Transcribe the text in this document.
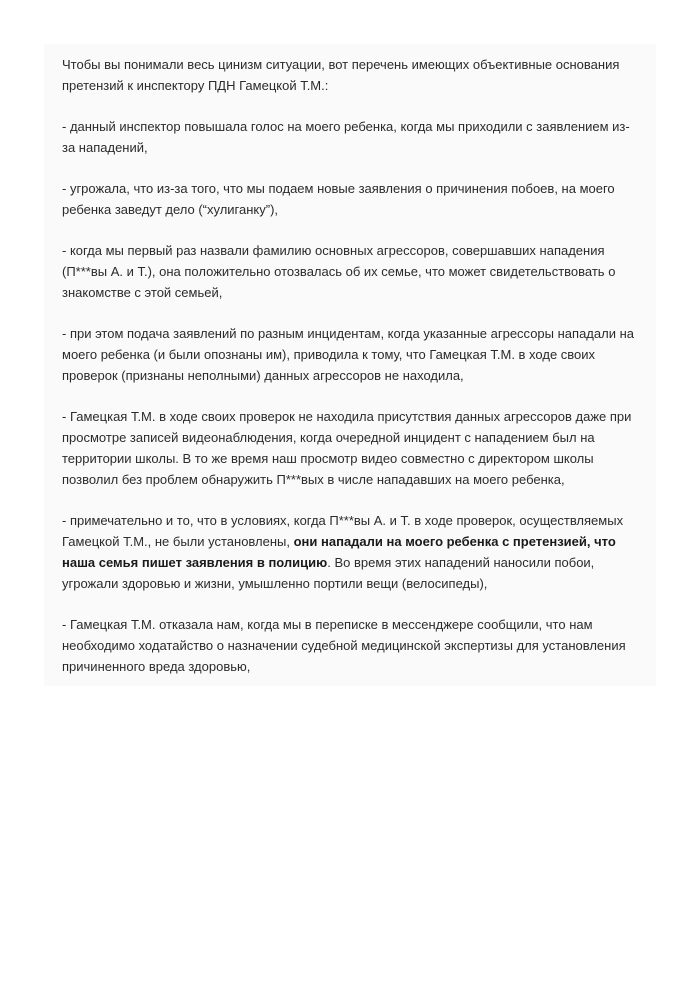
Чтобы вы понимали весь цинизм ситуации, вот перечень имеющих объективные основания претензий к инспектору ПДН Гамецкой Т.М.:

- данный инспектор повышала голос на моего ребенка, когда мы приходили с заявлением из-за нападений,

- угрожала, что из-за того, что мы подаем новые заявления о причинения побоев, на моего ребенка заведут дело (“хулиганку”),

- когда мы первый раз назвали фамилию основных агрессоров, совершавших нападения (П***вы А. и Т.), она положительно отозвалась об их семье, что может свидетельствовать о знакомстве с этой семьей,

- при этом подача заявлений по разным инцидентам, когда указанные агрессоры нападали на моего ребенка (и были опознаны им), приводила к тому, что Гамецкая Т.М. в ходе своих проверок (признаны неполными) данных агрессоров не находила,

- Гамецкая Т.М. в ходе своих проверок не находила присутствия данных агрессоров даже при просмотре записей видеонаблюдения, когда очередной инцидент с нападением был на территории школы. В то же время наш просмотр видео совместно с директором школы позволил без проблем обнаружить П***вых в числе нападавших на моего ребенка,

- примечательно и то, что в условиях, когда П***вы А. и Т. в ходе проверок, осуществляемых Гамецкой Т.М., не были установлены, они нападали на моего ребенка с претензией, что наша семья пишет заявления в полицию. Во время этих нападений наносили побои, угрожали здоровью и жизни, умышленно портили вещи (велосипеды),

- Гамецкая Т.М. отказала нам, когда мы в переписке в мессенджере сообщили, что нам необходимо ходатайство о назначении судебной медицинской экспертизы для установления причиненного вреда здоровью,
